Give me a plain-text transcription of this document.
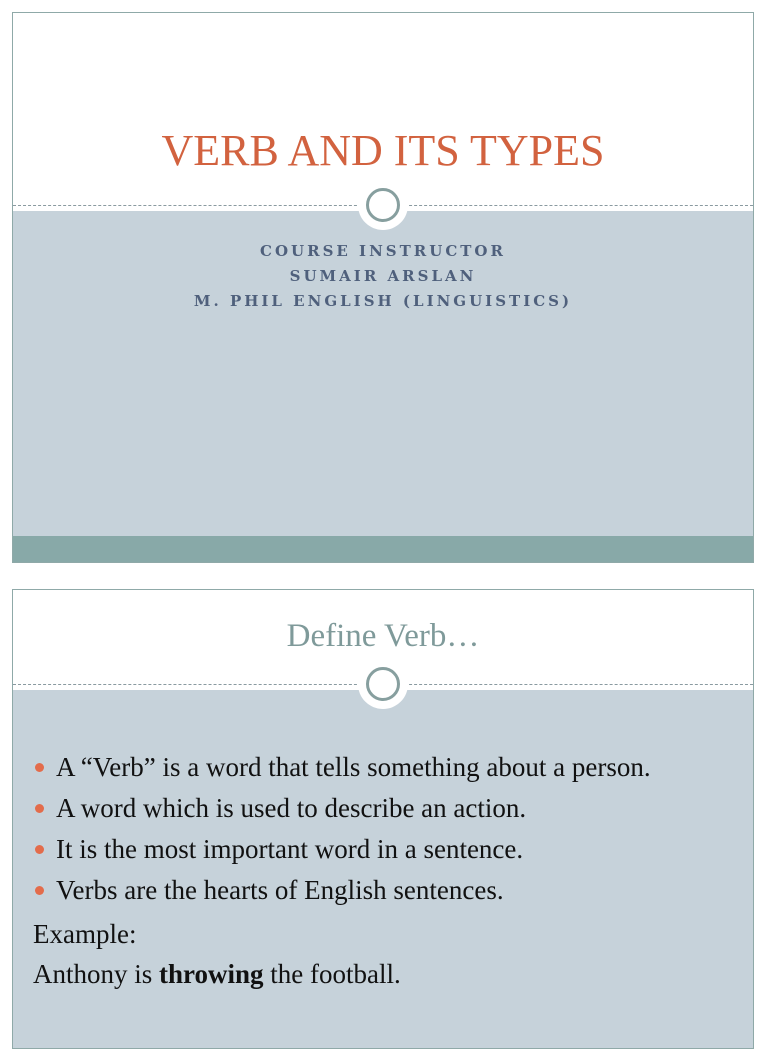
VERB AND ITS TYPES
COURSE INSTRUCTOR
SUMAIR ARSLAN
M. PHIL ENGLISH (LINGUISTICS)
Define Verb…
A “Verb” is a word that tells something about a person.
A word which is used to describe an action.
It is the most important word in a sentence.
Verbs are the hearts of English sentences.
Example:
Anthony is throwing the football.
